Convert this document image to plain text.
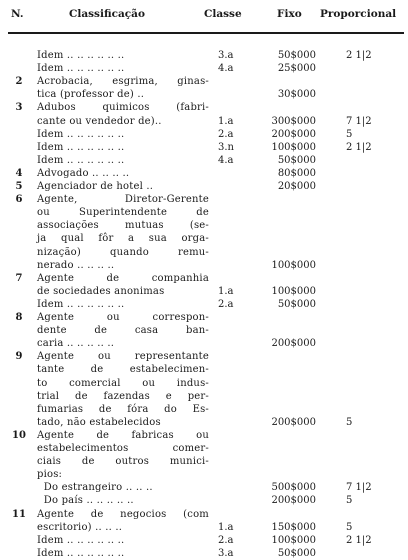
N.	Classificação	Classe	Fixo Proporcional
Idem .. .. .. .. .. ..	3.a	50$000	2 1|2
Idem .. .. .. .. .. ..	4.a	25$000
2	Acrobacia, esgrima, ginas-
tica (professor de) ..	30$000
3	Adubos quimicos (fabri-
cante ou vendedor de)..	1.a	300$000	7 1|2
Idem .. .. .. .. .. ..	2.a	200$000	5
Idem .. .. .. .. .. ..	3.n	100$000	2 1|2
Idem .. .. .. .. .. ..	4.a	50$000
4	Advogado .. .. .. ..	80$000
5	Agenciador de hotel ..	20$000
6	Agente, Diretor-Gerente
ou Superintendente de
associações mutuas (se-
ja qual fôr a sua orga-
nização) quando remu-
nerado .. .. .. ..	100$000
7	Agente de companhia
de sociedades anonimas	1.a	100$000
Idem .. .. .. .. .. ..	2.a	50$000
8	Agente ou correspon-
dente de casa ban-
caria .. .. .. .. ..	200$000
9	Agente ou representante
tante de estabelecimen-
to comercial ou indus-
trial de fazendas e per-
fumarias de fóra do Es-
tado, não estabelecidos	200$000	5
10 Agente de fabricas ou
estabelecimentos comer-
ciais de outros munici-
pios:
Do estrangeiro .. .. ..	500$000	7 1|2
Do país .. .. .. .. ..	200$000	5
11 Agente de negocios (com
escritorio) .. .. ..	1.a	150$000	5
Idem .. .. .. .. .. ..	2.a	100$000	2 1|2
Idem .. .. .. .. .. ..	3.a	50$000
